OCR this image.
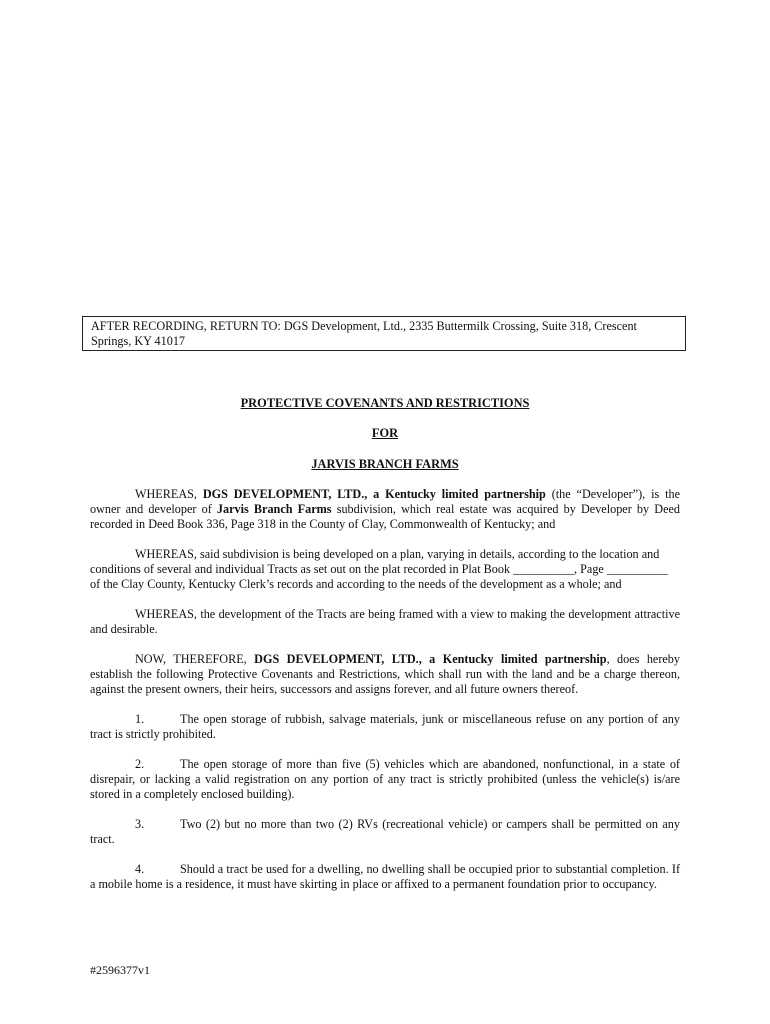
AFTER RECORDING, RETURN TO: DGS Development, Ltd., 2335 Buttermilk Crossing, Suite 318, Crescent
Springs, KY 41017
PROTECTIVE COVENANTS AND RESTRICTIONS
FOR
JARVIS BRANCH FARMS
WHEREAS, DGS DEVELOPMENT, LTD., a Kentucky limited partnership (the “Developer”), is the owner and developer of Jarvis Branch Farms subdivision, which real estate was acquired by Developer by Deed recorded in Deed Book 336, Page 318 in the County of Clay, Commonwealth of Kentucky; and
WHEREAS, said subdivision is being developed on a plan, varying in details, according to the location and
conditions of several and individual Tracts as set out on the plat recorded in Plat Book __________, Page __________
of the Clay County, Kentucky Clerk’s records and according to the needs of the development as a whole; and
WHEREAS, the development of the Tracts are being framed with a view to making the development attractive and desirable.
NOW, THEREFORE, DGS DEVELOPMENT, LTD., a Kentucky limited partnership, does hereby establish the following Protective Covenants and Restrictions, which shall run with the land and be a charge thereon, against the present owners, their heirs, successors and assigns forever, and all future owners thereof.
1.	The open storage of rubbish, salvage materials, junk or miscellaneous refuse on any portion of any tract is strictly prohibited.
2.	The open storage of more than five (5) vehicles which are abandoned, nonfunctional, in a state of disrepair, or lacking a valid registration on any portion of any tract is strictly prohibited (unless the vehicle(s) is/are stored in a completely enclosed building).
3.	Two (2) but no more than two (2) RVs (recreational vehicle) or campers shall be permitted on any tract.
4.	Should a tract be used for a dwelling, no dwelling shall be occupied prior to substantial completion. If a mobile home is a residence, it must have skirting in place or affixed to a permanent foundation prior to occupancy.
#2596377v1
